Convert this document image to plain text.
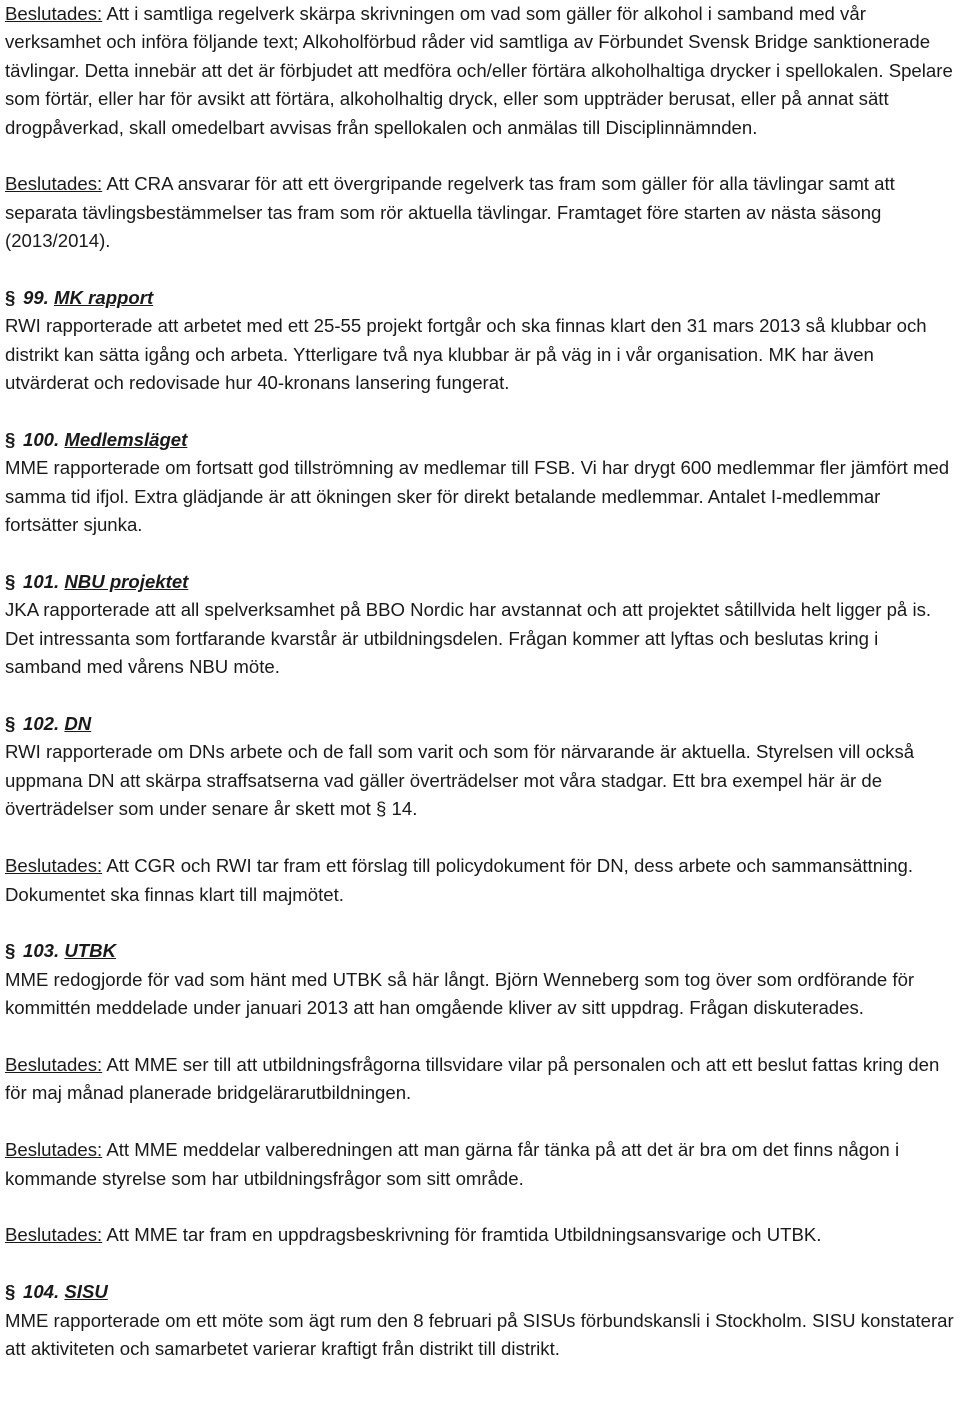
Beslutades: Att i samtliga regelverk skärpa skrivningen om vad som gäller för alkohol i samband med vår verksamhet och införa följande text; Alkoholförbud råder vid samtliga av Förbundet Svensk Bridge sanktionerade tävlingar. Detta innebär att det är förbjudet att medföra och/eller förtära alkoholhaltiga drycker i spellokalen. Spelare som förtär, eller har för avsikt att förtära, alkoholhaltig dryck, eller som uppträder berusat, eller på annat sätt drogpåverkad, skall omedelbart avvisas från spellokalen och anmälas till Disciplinnämnden.

Beslutades: Att CRA ansvarar för att ett övergripande regelverk tas fram som gäller för alla tävlingar samt att separata tävlingsbestämmelser tas fram som rör aktuella tävlingar. Framtaget före starten av nästa säsong (2013/2014).

§ 99. MK rapport

RWI rapporterade att arbetet med ett 25-55 projekt fortgår och ska finnas klart den 31 mars 2013 så klubbar och distrikt kan sätta igång och arbeta. Ytterligare två nya klubbar är på väg in i vår organisation. MK har även utvärderat och redovisade hur 40-kronans lansering fungerat.

§ 100. Medlemsläget

MME rapporterade om fortsatt god tillströmning av medlemar till FSB. Vi har drygt 600 medlemmar fler jämfört med samma tid ifjol. Extra glädjande är att ökningen sker för direkt betalande medlemmar. Antalet I-medlemmar fortsätter sjunka.

§ 101. NBU projektet

JKA rapporterade att all spelverksamhet på BBO Nordic har avstannat och att projektet såtillvida helt ligger på is. Det intressanta som fortfarande kvarstår är utbildningsdelen. Frågan kommer att lyftas och beslutas kring i samband med vårens NBU möte.

§ 102. DN

RWI rapporterade om DNs arbete och de fall som varit och som för närvarande är aktuella. Styrelsen vill också uppmana DN att skärpa straffsatserna vad gäller överträdelser mot våra stadgar. Ett bra exempel här är de överträdelser som under senare år skett mot § 14.

Beslutades: Att CGR och RWI tar fram ett förslag till policydokument för DN, dess arbete och sammansättning. Dokumentet ska finnas klart till majmötet.

§ 103. UTBK

MME redogjorde för vad som hänt med UTBK så här långt. Björn Wenneberg som tog över som ordförande för kommittén meddelade under januari 2013 att han omgående kliver av sitt uppdrag. Frågan diskuterades.

Beslutades: Att MME ser till att utbildningsfrågorna tillsvidare vilar på personalen och att ett beslut fattas kring den för maj månad planerade bridgelärarutbildningen.

Beslutades: Att MME meddelar valberedningen att man gärna får tänka på att det är bra om det finns någon i kommande styrelse som har utbildningsfrågor som sitt område.

Beslutades: Att MME tar fram en uppdragsbeskrivning för framtida Utbildningsansvarige och UTBK.

§ 104. SISU

MME rapporterade om ett möte som ägt rum den 8 februari på SISUs förbundskansli i Stockholm. SISU konstaterar att aktiviteten och samarbetet varierar kraftigt från distrikt till distrikt.
